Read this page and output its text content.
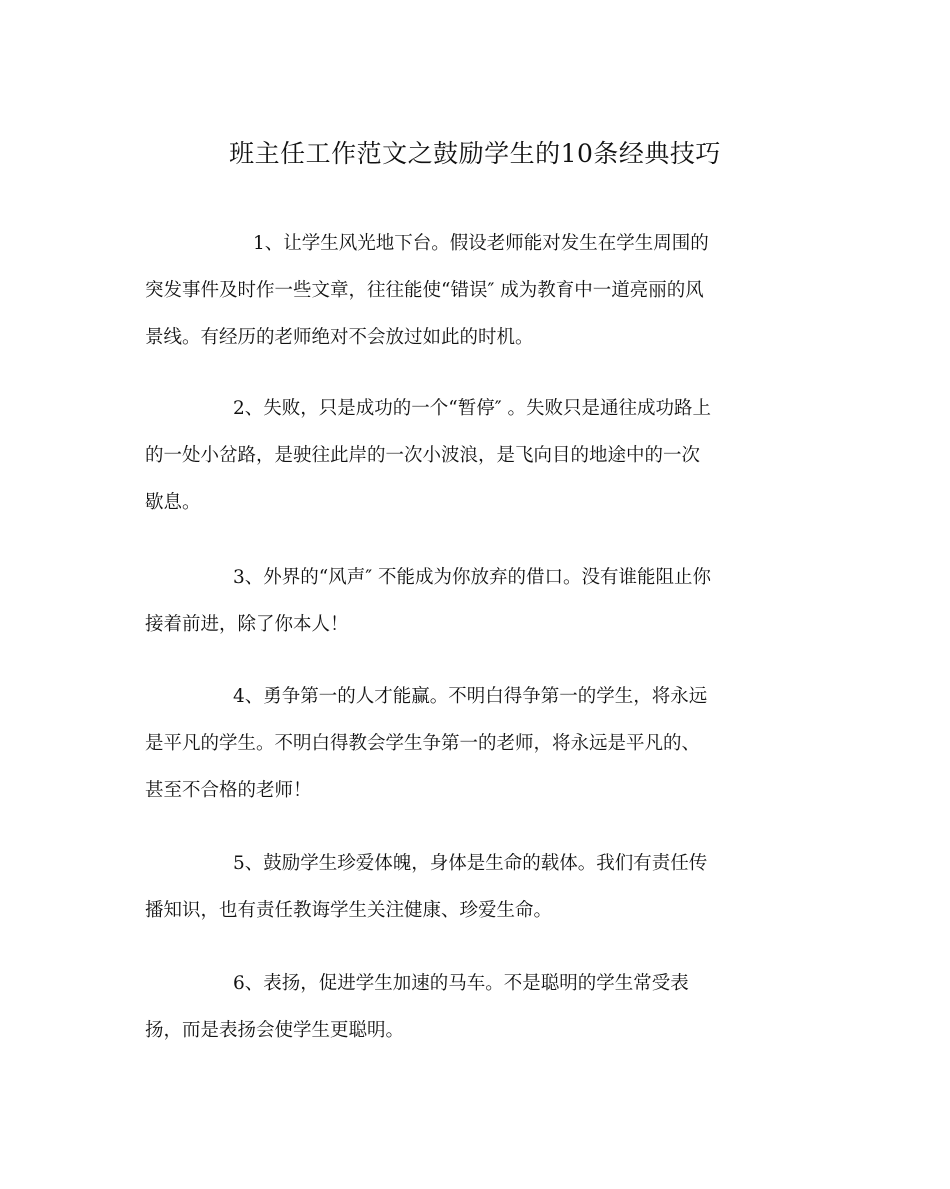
班主任工作范文之鼓励学生的10条经典技巧
1、让学生风光地下台。假设老师能对发生在学生周围的
突发事件及时作一些文章，往往能使“错误″ 成为教育中一道亮丽的风
景线。有经历的老师绝对不会放过如此的时机。
2、失败，只是成功的一个“暂停″ 。失败只是通往成功路上
的一处小岔路，是驶往此岸的一次小波浪，是飞向目的地途中的一次
歇息。
3、外界的“风声″ 不能成为你放弃的借口。没有谁能阻止你
接着前进，除了你本人！
4、勇争第一的人才能赢。不明白得争第一的学生，将永远
是平凡的学生。不明白得教会学生争第一的老师，将永远是平凡的、
甚至不合格的老师！
5、鼓励学生珍爱体魄，身体是生命的载体。我们有责任传
播知识，也有责任教诲学生关注健康、珍爱生命。
6、表扬，促进学生加速的马车。不是聪明的学生常受表
扬，而是表扬会使学生更聪明。
